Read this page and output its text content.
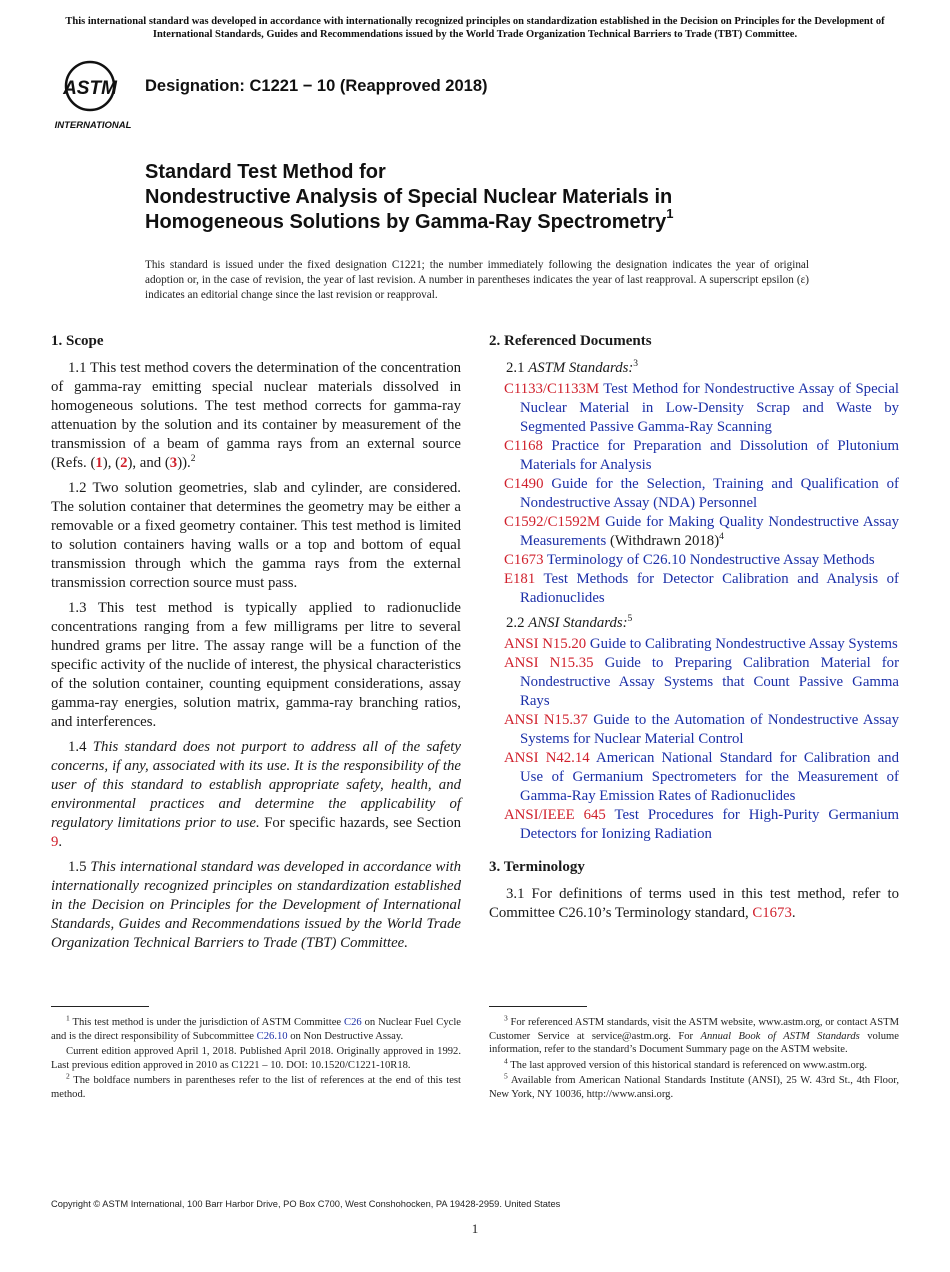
This international standard was developed in accordance with internationally recognized principles on standardization established in the Decision on Principles for the Development of International Standards, Guides and Recommendations issued by the World Trade Organization Technical Barriers to Trade (TBT) Committee.
ASTM
INTERNATIONAL
Designation: C1221 − 10 (Reapproved 2018)
Standard Test Method for
Nondestructive Analysis of Special Nuclear Materials in
Homogeneous Solutions by Gamma-Ray Spectrometry$^1$
This standard is issued under the fixed designation C1221; the number immediately following the designation indicates the year of original adoption or, in the case of revision, the year of last revision. A number in parentheses indicates the year of last reapproval. A superscript epsilon (ε) indicates an editorial change since the last revision or reapproval.
1. Scope

1.1 This test method covers the determination of the concentration of gamma-ray emitting special nuclear materials dissolved in homogeneous solutions. The test method corrects for gamma-ray attenuation by the solution and its container by measurement of the transmission of a beam of gamma rays from an external source (Refs. (1), (2), and (3)).$^2$

1.2 Two solution geometries, slab and cylinder, are considered. The solution container that determines the geometry may be either a removable or a fixed geometry container. This test method is limited to solution containers having walls or a top and bottom of equal transmission through which the gamma rays from the external transmission correction source must pass.

1.3 This test method is typically applied to radionuclide concentrations ranging from a few milligrams per litre to several hundred grams per litre. The assay range will be a function of the specific activity of the nuclide of interest, the physical characteristics of the solution container, counting equipment considerations, assay gamma-ray energies, solution matrix, gamma-ray branching ratios, and interferences.

1.4 This standard does not purport to address all of the safety concerns, if any, associated with its use. It is the responsibility of the user of this standard to establish appropriate safety, health, and environmental practices and determine the applicability of regulatory limitations prior to use. For specific hazards, see Section 9.

1.5 This international standard was developed in accordance with internationally recognized principles on standardization established in the Decision on Principles for the Development of International Standards, Guides and Recommendations issued by the World Trade Organization Technical Barriers to Trade (TBT) Committee.

2. Referenced Documents
2.1 ASTM Standards:$^3$
C1133/C1133M Test Method for Nondestructive Assay of Special Nuclear Material in Low-Density Scrap and Waste by Segmented Passive Gamma-Ray Scanning
C1168 Practice for Preparation and Dissolution of Plutonium Materials for Analysis
C1490 Guide for the Selection, Training and Qualification of Nondestructive Assay (NDA) Personnel
C1592/C1592M Guide for Making Quality Nondestructive Assay Measurements (Withdrawn 2018)$^4$
C1673 Terminology of C26.10 Nondestructive Assay Methods
E181 Test Methods for Detector Calibration and Analysis of Radionuclides
2.2 ANSI Standards:$^5$
ANSI N15.20 Guide to Calibrating Nondestructive Assay Systems
ANSI N15.35 Guide to Preparing Calibration Material for Nondestructive Assay Systems that Count Passive Gamma Rays
ANSI N15.37 Guide to the Automation of Nondestructive Assay Systems for Nuclear Material Control
ANSI N42.14 American National Standard for Calibration and Use of Germanium Spectrometers for the Measurement of Gamma-Ray Emission Rates of Radionuclides
ANSI/IEEE 645 Test Procedures for High-Purity Germanium Detectors for Ionizing Radiation
3. Terminology

3.1 For definitions of terms used in this test method, refer to Committee C26.10’s Terminology standard, C1673.

$^1$ This test method is under the jurisdiction of ASTM Committee C26 on Nuclear Fuel Cycle and is the direct responsibility of Subcommittee C26.10 on Non Destructive Assay.

Current edition approved April 1, 2018. Published April 2018. Originally approved in 1992. Last previous edition approved in 2010 as C1221 – 10. DOI: 10.1520/C1221-10R18.

$^2$ The boldface numbers in parentheses refer to the list of references at the end of this test method.

$^3$ For referenced ASTM standards, visit the ASTM website, www.astm.org, or contact ASTM Customer Service at service@astm.org. For Annual Book of ASTM Standards volume information, refer to the standard’s Document Summary page on the ASTM website.

$^4$ The last approved version of this historical standard is referenced on www.astm.org.

$^5$ Available from American National Standards Institute (ANSI), 25 W. 43rd St., 4th Floor, New York, NY 10036, http://www.ansi.org.

Copyright © ASTM International, 100 Barr Harbor Drive, PO Box C700, West Conshohocken, PA 19428-2959. United States
1
